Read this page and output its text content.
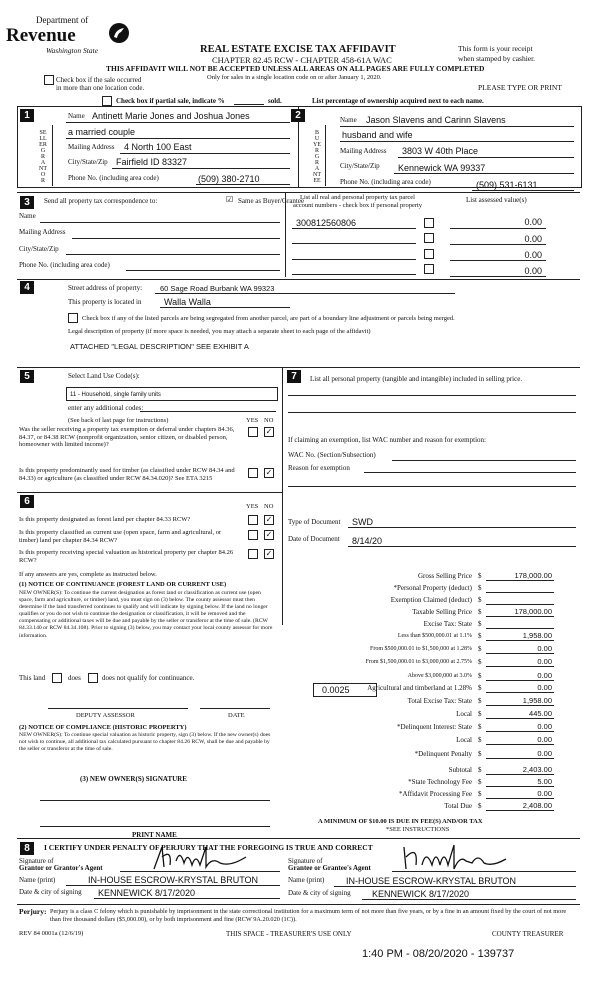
Department of
Revenue
Washington State	REAL ESTATE EXCISE TAX AFFIDAVIT
CHAPTER 82.45 RCW - CHAPTER 458-61A WAC
THIS AFFIDAVIT WILL NOT BE ACCEPTED UNLESS ALL AREAS ON ALL PAGES ARE FULLY COMPLETED
Only for sales in a single location code on or after January 1, 2020.
This form is your receipt
when stamped by cashier.
PLEASE TYPE OR PRINT
Check box if the sale occurred
in more than one location code.
Check box if partial sale, indicate %	sold.	List percentage of ownership acquired next to each name.
1
SELLER GRANTOR
Name Antinett Marie Jones and Joshua Jones
a married couple
Mailing Address 4 North 100 East
City/State/Zip Fairfield ID 83327
Phone No. (including area code)	(509) 380-2710
2
BUYER GRANTEE
Name Jason Slavens and Carinn Slavens
husband and wife
Mailing Address 3803 W 40th Place
City/State/Zip Kennewick WA 99337
Phone No. (including area code)	(509) 531-6131
3	Send all property tax correspondence to:	☑ Same as Buyer/Grantee
List all real and personal property tax parcel
account numbers - check box if personal property
List assessed value(s)
Name
Mailing Address
City/State/Zip
Phone No. (including area code)
300812560806	0.00
0.00
0.00
0.00
4	Street address of property: 60 Sage Road Burbank WA 99323
This property is located in	Walla Walla
Check box if any of the listed parcels are being segregated from another parcel, are part of a boundary line adjustment or parcels being merged.
Legal description of property (if more space is needed, you may attach a separate sheet to each page of the affidavit)
ATTACHED "LEGAL DESCRIPTION" SEE EXHIBIT A
5	Select Land Use Code(s):
11 - Household, single family units
enter any additional codes:
(See back of last page for instructions)	YES NO
Was the seller receiving a property tax exemption or deferral under chapters 84.36, 84.37, or 84.38 RCW (nonprofit organization, senior citizen, or disabled person, homeowner with limited income)?
✓
Is this property predominantly used for timber (as classified under RCW 84.34 and 84.33) or agriculture (as classified under RCW 84.34.020)? See ETA 3215
✓
6	YES NO
Is this property designated as forest land per chapter 84.33 RCW?	✓
Is this property classified as current use (open space, farm and agricultural, or timber) land per chapter 84.34 RCW?
✓
Is this property receiving special valuation as historical property per chapter 84.26 RCW?
✓
If any answers are yes, complete as instructed below.
(1) NOTICE OF CONTINUANCE (FOREST LAND OR CURRENT USE)
NEW OWNER(S): To continue the current designation as forest land or classification as current use (open space, farm and agriculture, or timber) land, you must sign on (3) below. The county assessor must then determine if the land transferred continues to qualify and will indicate by signing below. If the land no longer qualifies or you do not wish to continue the designation or classification, it will be removed and the compensating or additional taxes will be due and payable by the seller or transferor at the time of sale. (RCW 84.33.140 or RCW 84.34.108). Prior to signing (3) below, you may contact your local county assessor for more information.
This land	does	does not qualify for continuance.
DEPUTY ASSESSOR	DATE
(2) NOTICE OF COMPLIANCE (HISTORIC PROPERTY)
NEW OWNER(S): To continue special valuation as historic property, sign (3) below. If the new owner(s) does not wish to continue, all additional tax calculated pursuant to chapter 84.26 RCW, shall be due and payable by the seller or transferor at the time of sale.
(3) NEW OWNER(S) SIGNATURE
PRINT NAME
7	List all personal property (tangible and intangible) included in selling price.
If claiming an exemption, list WAC number and reason for exemption:
WAC No. (Section/Subsection)
Reason for exemption
Type of Document SWD
Date of Document 8/14/20
Gross Selling Price $	178,000.00
*Personal Property (deduct) $
Exemption Claimed (deduct) $
Taxable Selling Price $	178,000.00
Excise Tax: State $
Less than $500,000.01 at 1.1% $	1,958.00
From $500,000.01 to $1,500,000 at 1.28% $	0.00
From $1,500,000.01 to $3,000,000 at 2.75% $	0.00
Above $3,000,000 at 3.0% $	0.00
Agricultural and timberland at 1.28% $	0.00
Total Excise Tax: State $	1,958.00
Local $	445.00
*Delinquent Interest: State $	0.00
Local $	0.00
*Delinquent Penalty $	0.00
Subtotal $	2,403.00
*State Technology Fee $	5.00
*Affidavit Processing Fee $	0.00
Total Due $	2,408.00
0.0025
A MINIMUM OF $10.00 IS DUE IN FEE(S) AND/OR TAX
*SEE INSTRUCTIONS
8	I CERTIFY UNDER PENALTY OF PERJURY THAT THE FOREGOING IS TRUE AND CORRECT
Signature of
Grantor or Grantor's Agent
Name (print)	IN-HOUSE ESCROW-KRYSTAL BRUTON
Date & city of signing KENNEWICK 8/17/2020
Signature of
Grantee or Grantee's Agent
Name (print) IN-HOUSE ESCROW-KRYSTAL BRUTON
Date & city of signing KENNEWICK 8/17/2020
Perjury: Perjury is a class C felony which is punishable by imprisonment in the state correctional institution for a maximum term of not more than five years, or by a fine in an amount fixed by the court of not more than five thousand dollars ($5,000.00), or by both imprisonment and fine (RCW 9A.20.020 (1C)).
REV 84 0001a (12/6/19)	THIS SPACE - TREASURER'S USE ONLY	COUNTY TREASURER
1:40 PM - 08/20/2020 - 139737
